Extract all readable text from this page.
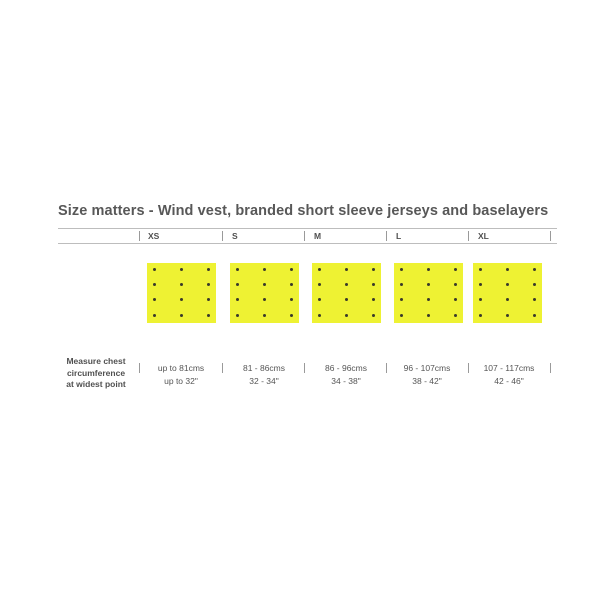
Size matters - Wind vest, branded short sleeve jerseys and baselayers
Measure chest
circumference
at widest point
XS
up to 81cms
up to 32"
S
81 - 86cms
32 - 34"
M
86 - 96cms
34 - 38"
L
96 - 107cms
38 - 42"
XL
107 - 117cms
42 - 46"
